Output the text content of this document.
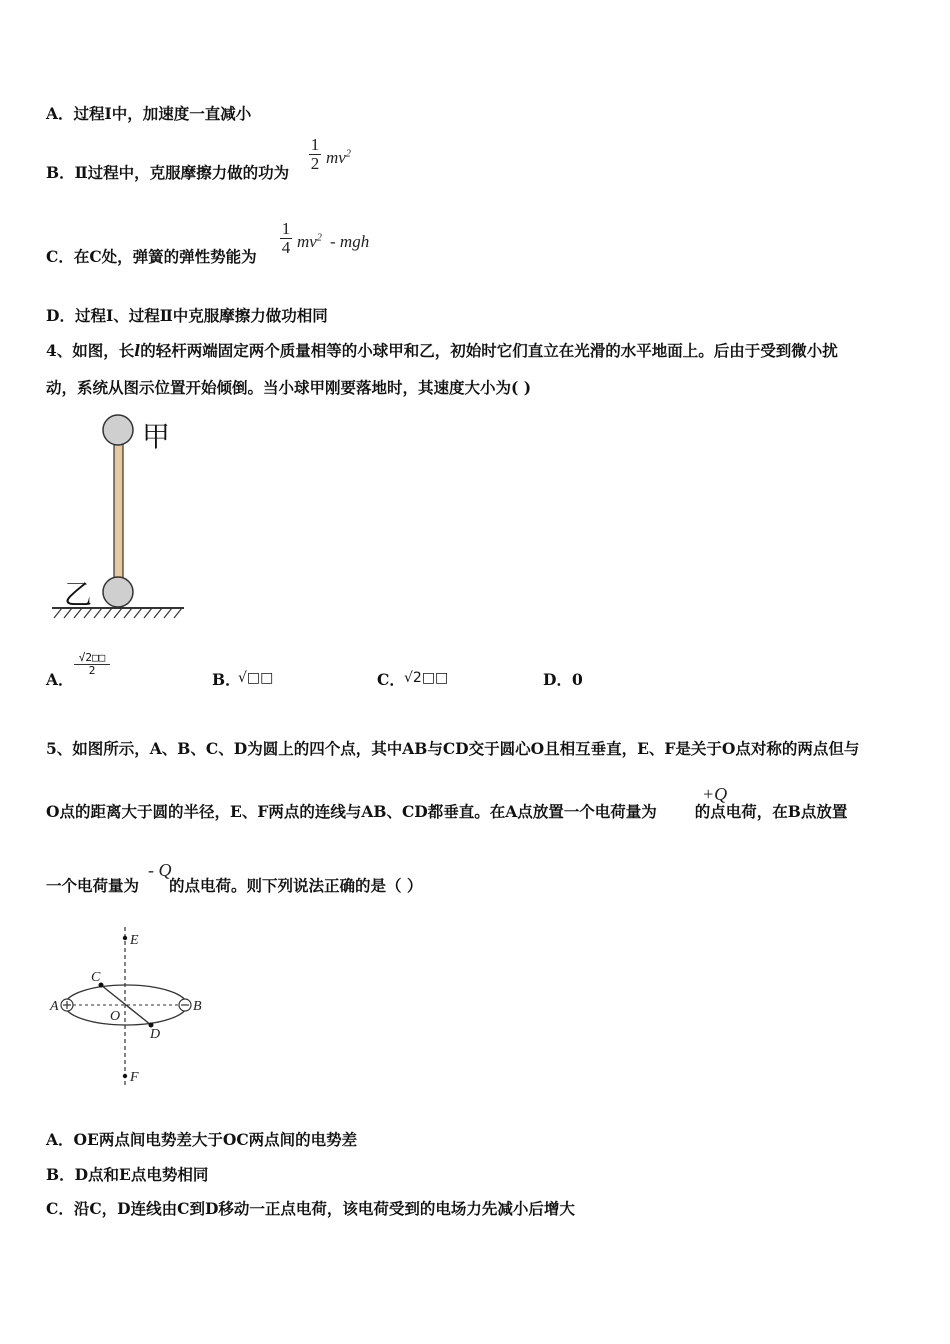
A．过程Ⅰ中，加速度一直减小
B．Ⅱ过程中，克服摩擦力做的功为
1
2 $mv^2$
C．在C处，弹簧的弹性势能为
1
4 $mv^2$ - mgh
D．过程Ⅰ、过程Ⅱ中克服摩擦力做功相同
4、如图，长l的轻杆两端固定两个质量相等的小球甲和乙，初始时它们直立在光滑的水平地面上。后由于受到微小扰
动，系统从图示位置开始倾倒。当小球甲刚要落地时，其速度大小为( )
甲
乙
A．
√2□□
2	B．
√□□	C． √2□□	D．0
5、如图所示，A、B、C、D为圆上的四个点，其中AB与CD交于圆心O且相互垂直，E、F是关于O点对称的两点但与
O点的距离大于圆的半径，E、F两点的连线与AB、CD都垂直。在A点放置一个电荷量为 的点电荷，在B点放置
+Q
一个电荷量为 的点电荷。则下列说法正确的是（ ）
- Q
E
F
A	B
C
D
O
A．OE两点间电势差大于OC两点间的电势差
B．D点和E点电势相同
C．沿C，D连线由C到D移动一正点电荷，该电荷受到的电场力先减小后增大
